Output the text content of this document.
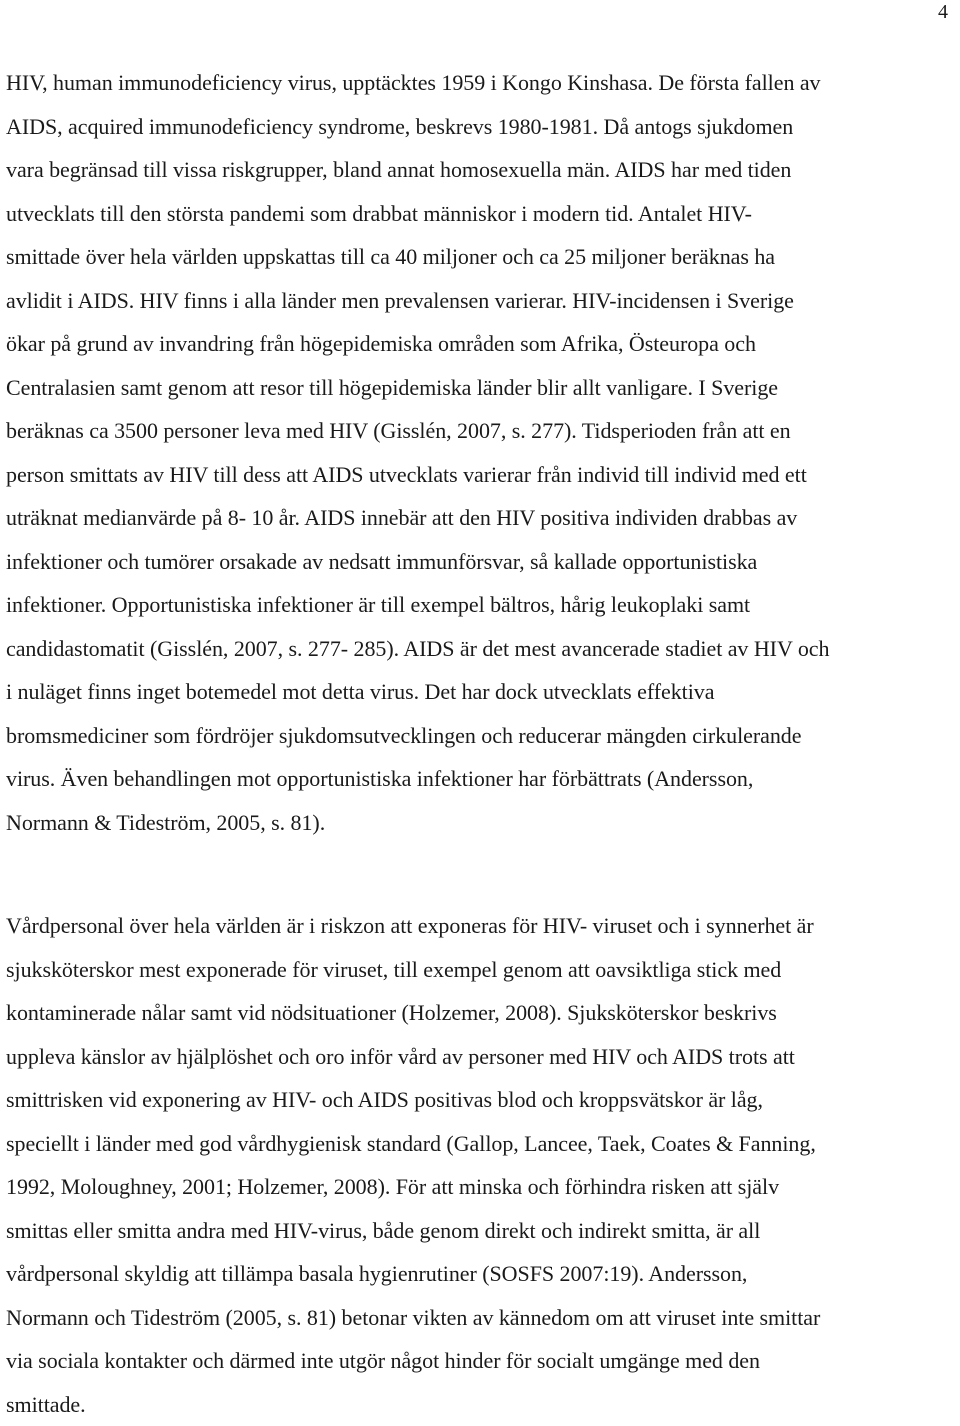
4

HIV, human immunodeficiency virus, upptäcktes 1959 i Kongo Kinshasa. De första fallen av
AIDS, acquired immunodeficiency syndrome, beskrevs 1980-1981. Då antogs sjukdomen
vara begränsad till vissa riskgrupper, bland annat homosexuella män. AIDS har med tiden
utvecklats till den största pandemi som drabbat människor i modern tid. Antalet HIV-
smittade över hela världen uppskattas till ca 40 miljoner och ca 25 miljoner beräknas ha
avlidit i AIDS. HIV finns i alla länder men prevalensen varierar. HIV-incidensen i Sverige
ökar på grund av invandring från högepidemiska områden som Afrika, Östeuropa och
Centralasien samt genom att resor till högepidemiska länder blir allt vanligare. I Sverige
beräknas ca 3500 personer leva med HIV (Gisslén, 2007, s. 277). Tidsperioden från att en
person smittats av HIV till dess att AIDS utvecklats varierar från individ till individ med ett
uträknat medianvärde på 8- 10 år. AIDS innebär att den HIV positiva individen drabbas av
infektioner och tumörer orsakade av nedsatt immunförsvar, så kallade opportunistiska
infektioner. Opportunistiska infektioner är till exempel bältros, hårig leukoplaki samt
candidastomatit (Gisslén, 2007, s. 277- 285). AIDS är det mest avancerade stadiet av HIV och
i nuläget finns inget botemedel mot detta virus. Det har dock utvecklats effektiva
bromsmediciner som fördröjer sjukdomsutvecklingen och reducerar mängden cirkulerande
virus. Även behandlingen mot opportunistiska infektioner har förbättrats (Andersson,
Normann & Tideström, 2005, s. 81).

Vårdpersonal över hela världen är i riskzon att exponeras för HIV- viruset och i synnerhet är
sjuksköterskor mest exponerade för viruset, till exempel genom att oavsiktliga stick med
kontaminerade nålar samt vid nödsituationer (Holzemer, 2008). Sjuksköterskor beskrivs
uppleva känslor av hjälplöshet och oro inför vård av personer med HIV och AIDS trots att
smittrisken vid exponering av HIV- och AIDS positivas blod och kroppsvätskor är låg,
speciellt i länder med god vårdhygienisk standard (Gallop, Lancee, Taek, Coates & Fanning,
1992, Moloughney, 2001; Holzemer, 2008). För att minska och förhindra risken att själv
smittas eller smitta andra med HIV-virus, både genom direkt och indirekt smitta, är all
vårdpersonal skyldig att tillämpa basala hygienrutiner (SOSFS 2007:19). Andersson,
Normann och Tideström (2005, s. 81) betonar vikten av kännedom om att viruset inte smittar
via sociala kontakter och därmed inte utgör något hinder för socialt umgänge med den
smittade.
